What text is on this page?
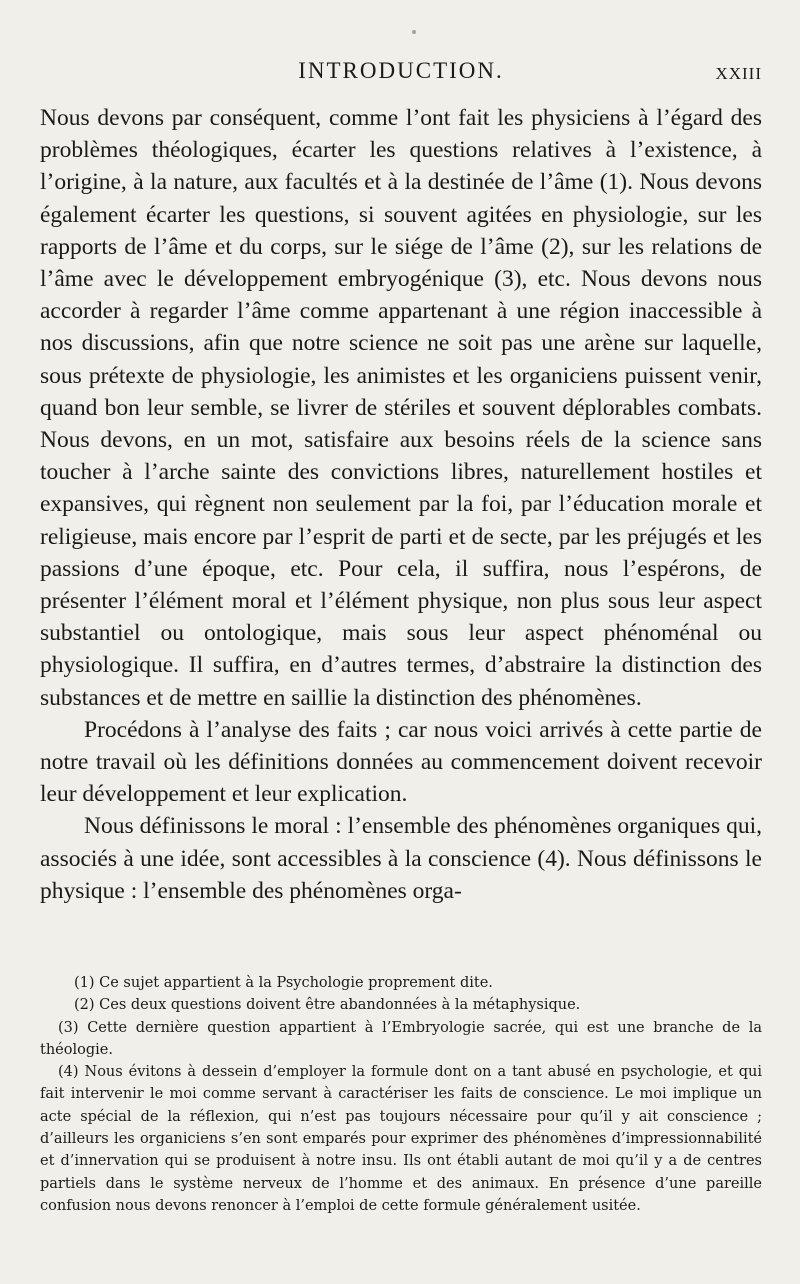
INTRODUCTION.	XXIII

Nous devons par conséquent, comme l’ont fait les physiciens à l’égard des problèmes théologiques, écarter les questions relatives à l’existence, à l’origine, à la nature, aux facultés et à la destinée de l’âme (1). Nous devons également écarter les questions, si souvent agitées en physiologie, sur les rapports de l’âme et du corps, sur le siége de l’âme (2), sur les relations de l’âme avec le développement embryogénique (3), etc. Nous devons nous accorder à regarder l’âme comme appartenant à une région inaccessible à nos discussions, afin que notre science ne soit pas une arène sur laquelle, sous prétexte de physiologie, les animistes et les organiciens puissent venir, quand bon leur semble, se livrer de stériles et souvent déplorables combats. Nous devons, en un mot, satisfaire aux besoins réels de la science sans toucher à l’arche sainte des convictions libres, naturellement hostiles et expansives, qui règnent non seulement par la foi, par l’éducation morale et religieuse, mais encore par l’esprit de parti et de secte, par les préjugés et les passions d’une époque, etc. Pour cela, il suffira, nous l’espérons, de présenter l’élément moral et l’élément physique, non plus sous leur aspect substantiel ou ontologique, mais sous leur aspect phénoménal ou physiologique. Il suffira, en d’autres termes, d’abstraire la distinction des substances et de mettre en saillie la distinction des phénomènes.

Procédons à l’analyse des faits ; car nous voici arrivés à cette partie de notre travail où les définitions données au commencement doivent recevoir leur développement et leur explication.

Nous définissons le moral : l’ensemble des phénomènes organiques qui, associés à une idée, sont accessibles à la conscience (4). Nous définissons le physique : l’ensemble des phénomènes orga-

(1) Ce sujet appartient à la Psychologie proprement dite.

(2) Ces deux questions doivent être abandonnées à la métaphysique.

(3) Cette dernière question appartient à l’Embryologie sacrée, qui est une branche de la théologie.

(4) Nous évitons à dessein d’employer la formule dont on a tant abusé en psychologie, et qui fait intervenir le moi comme servant à caractériser les faits de conscience. Le moi implique un acte spécial de la réflexion, qui n’est pas toujours nécessaire pour qu’il y ait conscience ; d’ailleurs les organiciens s’en sont emparés pour exprimer des phénomènes d’impressionnabilité et d’innervation qui se produisent à notre insu. Ils ont établi autant de moi qu’il y a de centres partiels dans le système nerveux de l’homme et des animaux. En présence d’une pareille confusion nous devons renoncer à l’emploi de cette formule généralement usitée.
